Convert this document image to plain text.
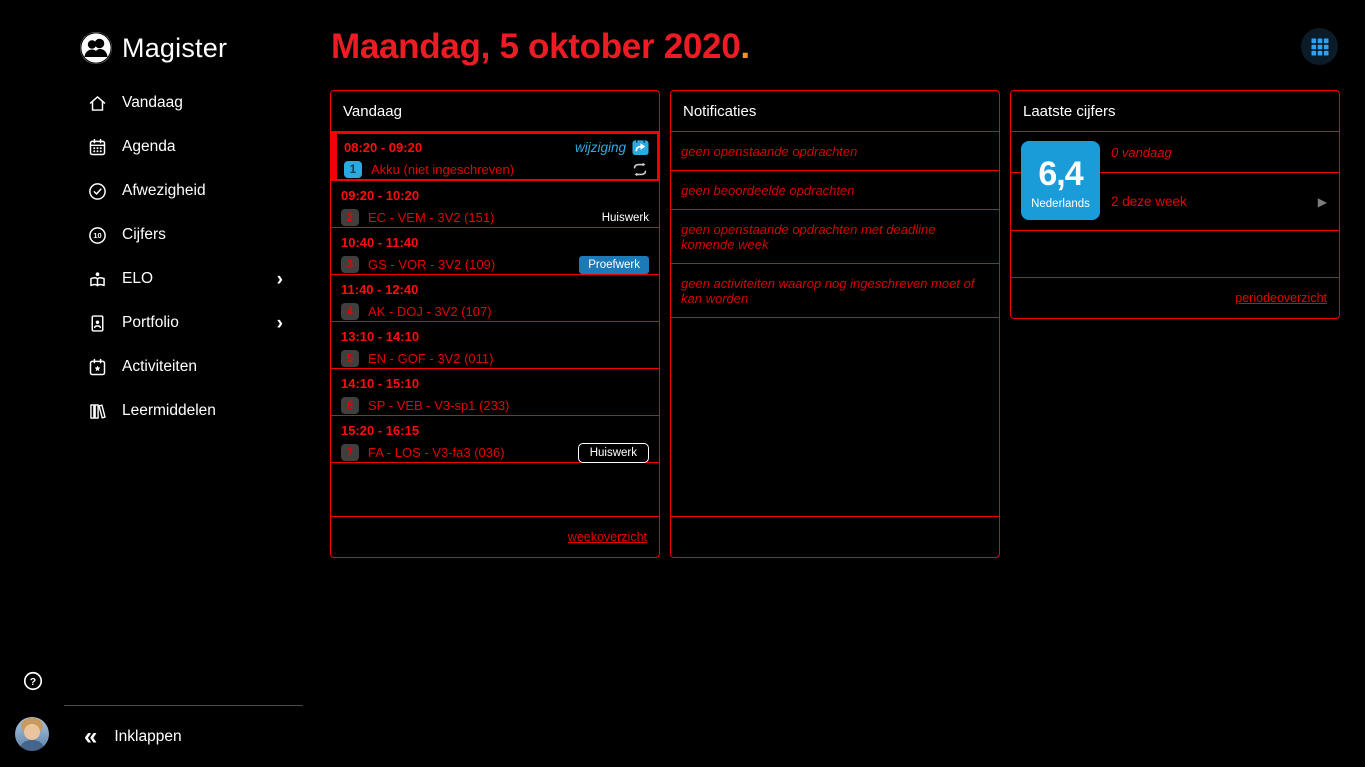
Magister
Vandaag
Agenda
Afwezigheid
10 Cijfers
ELO	›
Portfolio	›
Activiteiten
Leermiddelen
?
« Inklappen
Maandag, 5 oktober 2020.
Vandaag
08:20 - 09:20	wijziging
1	Akku (niet ingeschreven)
09:20 - 10:20
2	EC - VEM - 3V2 (151)	Huiswerk
10:40 - 11:40
3	GS - VOR - 3V2 (109)	Proefwerk
11:40 - 12:40
4	AK - DOJ - 3V2 (107)
13:10 - 14:10
5	EN - GOF - 3V2 (011)
14:10 - 15:10
6	SP - VEB - V3-sp1 (233)
15:20 - 16:15
7	FA - LOS - V3-fa3 (036)	Huiswerk
weekoverzicht
Notificaties
geen openstaande opdrachten
geen beoordeelde opdrachten
geen openstaande opdrachten met deadline komende week
geen activiteiten waarop nog ingeschreven moet of kan worden
Laatste cijfers
6,4
Nederlands
0 vandaag
2 deze week	▶
periodeoverzicht
